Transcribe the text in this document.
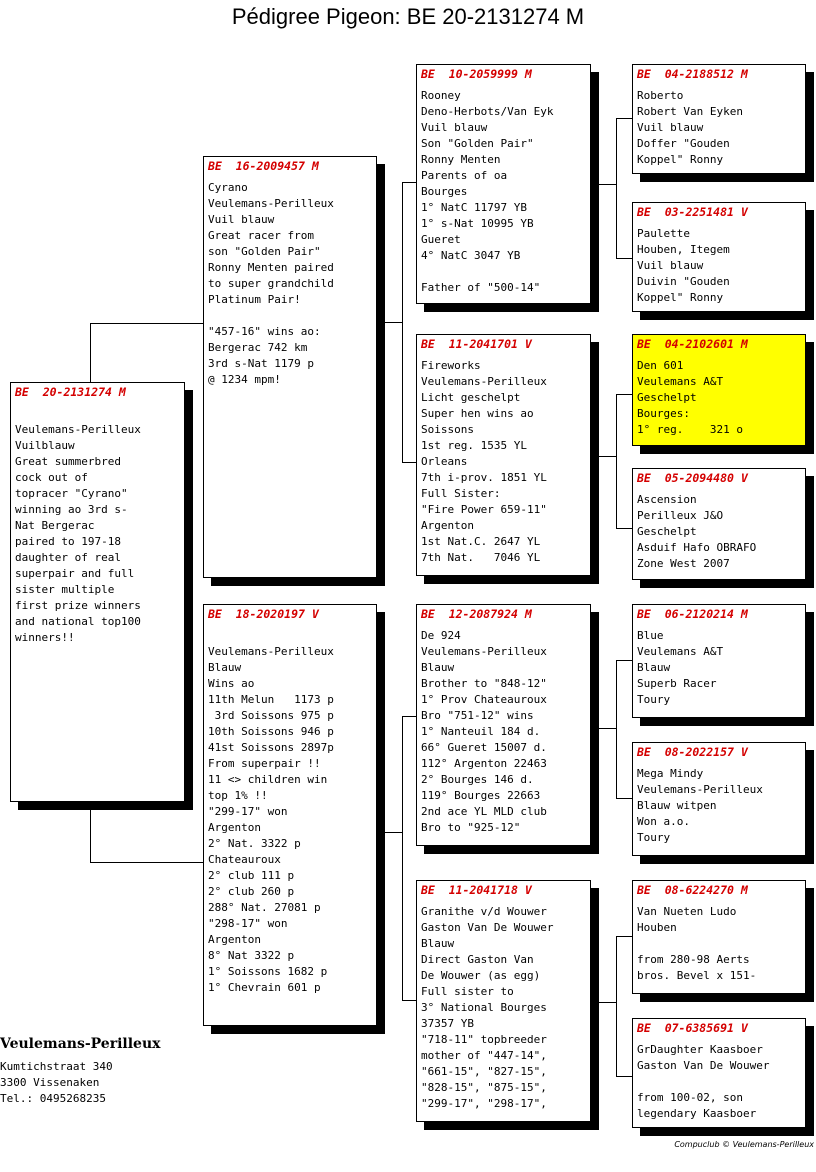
Pédigree Pigeon: BE 20-2131274 M
BE  20-2131274 M
Veulemans-Perilleux
Vuilblauw
Great summerbred
cock out of
topracer "Cyrano"
winning ao 3rd s-
Nat Bergerac
paired to 197-18
daughter of real
superpair and full
sister multiple
first prize winners
and national top100
winners!!
BE  16-2009457 M
Cyrano
Veulemans-Perilleux
Vuil blauw
Great racer from
son "Golden Pair"
Ronny Menten paired
to super grandchild
Platinum Pair!
"457-16" wins ao:
Bergerac 742 km
3rd s-Nat 1179 p
@ 1234 mpm!
BE  18-2020197 V
Veulemans-Perilleux
Blauw
Wins ao
11th Melun   1173 p
3rd Soissons 975 p
10th Soissons 946 p
41st Soissons 2897p
From superpair !!
11 <> children win
top 1% !!
"299-17" won
Argenton
2° Nat. 3322 p
Chateauroux
2° club 111 p
2° club 260 p
288° Nat. 27081 p
"298-17" won
Argenton
8° Nat 3322 p
1° Soissons 1682 p
1° Chevrain 601 p
BE  10-2059999 M
Rooney
Deno-Herbots/Van Eyk
Vuil blauw
Son "Golden Pair"
Ronny Menten
Parents of oa
Bourges
1° NatC 11797 YB
1° s-Nat 10995 YB
Gueret
4° NatC 3047 YB
Father of "500-14"
BE  11-2041701 V
Fireworks
Veulemans-Perilleux
Licht geschelpt
Super hen wins ao
Soissons
1st reg. 1535 YL
Orleans
7th i-prov. 1851 YL
Full Sister:
"Fire Power 659-11"
Argenton
1st Nat.C. 2647 YL
7th Nat.   7046 YL
BE  12-2087924 M
De 924
Veulemans-Perilleux
Blauw
Brother to "848-12"
1° Prov Chateauroux
Bro "751-12" wins
1° Nanteuil 184 d.
66° Gueret 15007 d.
112° Argenton 22463
2° Bourges 146 d.
119° Bourges 22663
2nd ace YL MLD club
Bro to "925-12"
BE  11-2041718 V
Granithe v/d Wouwer
Gaston Van De Wouwer
Blauw
Direct Gaston Van
De Wouwer (as egg)
Full sister to
3° National Bourges
37357 YB
"718-11" topbreeder
mother of "447-14",
"661-15", "827-15",
"828-15", "875-15",
"299-17", "298-17",
BE  04-2188512 M
Roberto
Robert Van Eyken
Vuil blauw
Doffer "Gouden
Koppel" Ronny
BE  03-2251481 V
Paulette
Houben, Itegem
Vuil blauw
Duivin "Gouden
Koppel" Ronny
BE  04-2102601 M
Den 601
Veulemans A&T
Geschelpt
Bourges:
1° reg.    321 o
BE  05-2094480 V
Ascension
Perilleux J&O
Geschelpt
Asduif Hafo OBRAFO
Zone West 2007
BE  06-2120214 M
Blue
Veulemans A&T
Blauw
Superb Racer
Toury
BE  08-2022157 V
Mega Mindy
Veulemans-Perilleux
Blauw witpen
Won a.o.
Toury
BE  08-6224270 M
Van Nueten Ludo
Houben
from 280-98 Aerts
bros. Bevel x 151-
BE  07-6385691 V
GrDaughter Kaasboer
Gaston Van De Wouwer
from 100-02, son
legendary Kaasboer
Veulemans-Perilleux
Kumtichstraat 340
3300 Vissenaken
Tel.: 0495268235
Compuclub © Veulemans-Perilleux
